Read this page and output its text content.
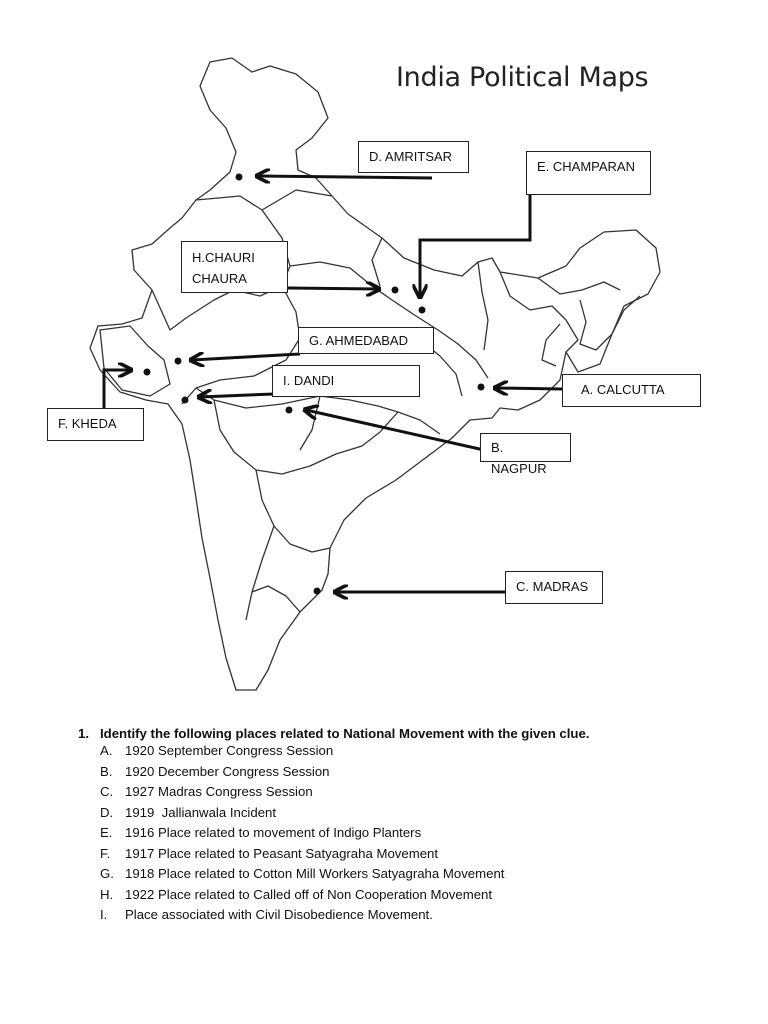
India Political Maps
D. AMRITSAR
E. CHAMPARAN
H.CHAURI CHAURA
G. AHMEDABAD
I. DANDI
A. CALCUTTA
F. KHEDA
B. NAGPUR
C. MADRAS
1. Identify the following places related to National Movement with the given clue.
A. 1920 September Congress Session
B. 1920 December Congress Session
C. 1927 Madras Congress Session
D. 1919  Jallianwala Incident
E. 1916 Place related to movement of Indigo Planters
F.	1917 Place related to Peasant Satyagraha Movement
G. 1918 Place related to Cotton Mill Workers Satyagraha Movement
H. 1922 Place related to Called off of Non Cooperation Movement
I.	Place associated with Civil Disobedience Movement.
